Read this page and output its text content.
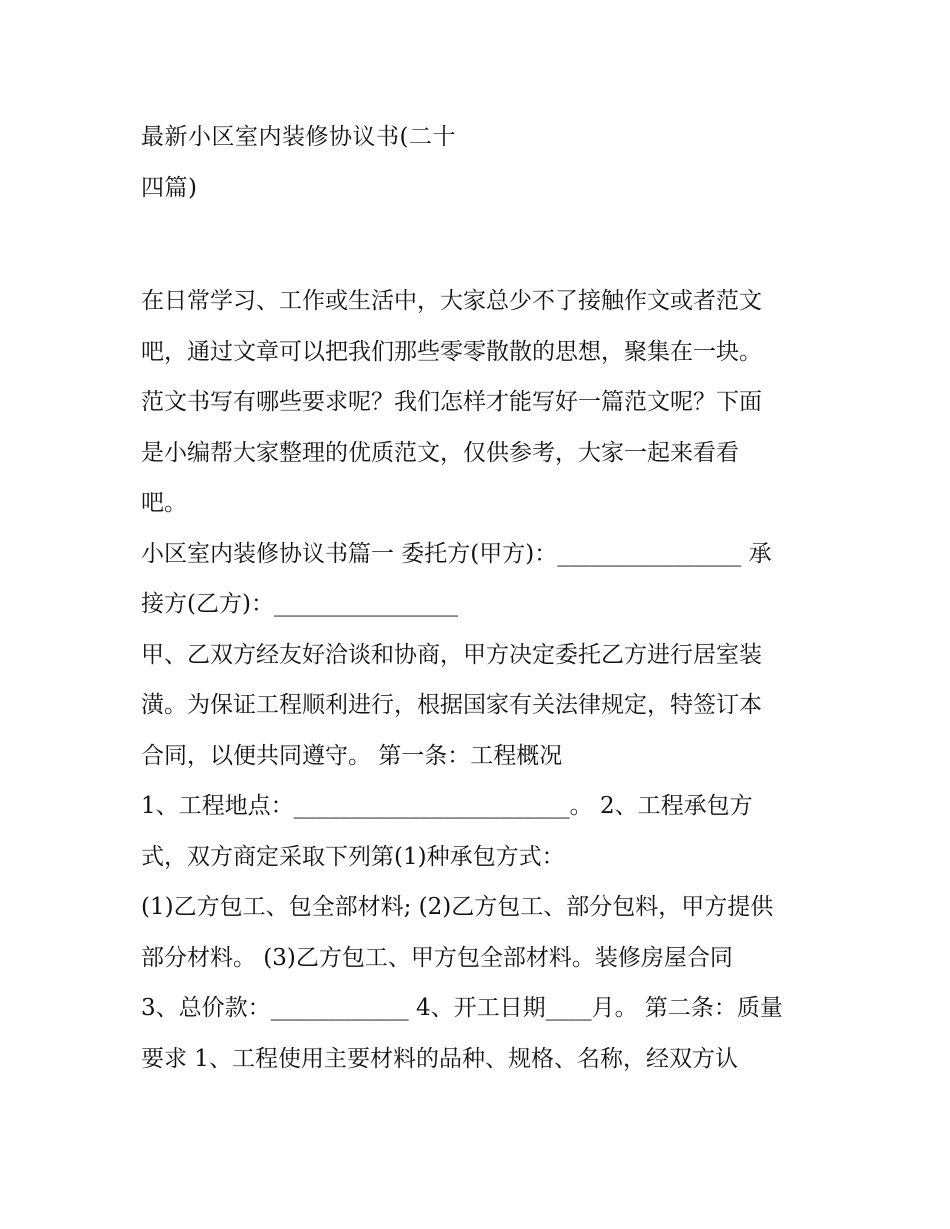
最新小区室内装修协议书(二十
四篇)
在日常学习、工作或生活中，大家总少不了接触作文或者范文
吧，通过文章可以把我们那些零零散散的思想，聚集在一块。
范文书写有哪些要求呢？我们怎样才能写好一篇范文呢？下面
是小编帮大家整理的优质范文，仅供参考，大家一起来看看
吧。
小区室内装修协议书篇一 委托方(甲方)：________________ 承
接方(乙方)：________________
甲、乙双方经友好洽谈和协商，甲方决定委托乙方进行居室装
潢。为保证工程顺利进行，根据国家有关法律规定，特签订本
合同，以便共同遵守。 第一条：工程概况
1、工程地点：________________________。 2、工程承包方
式，双方商定采取下列第(1)种承包方式：
(1)乙方包工、包全部材料; (2)乙方包工、部分包料，甲方提供
部分材料。 (3)乙方包工、甲方包全部材料。装修房屋合同
3、总价款：____________ 4、开工日期____月。 第二条：质量
要求 1、工程使用主要材料的品种、规格、名称，经双方认
